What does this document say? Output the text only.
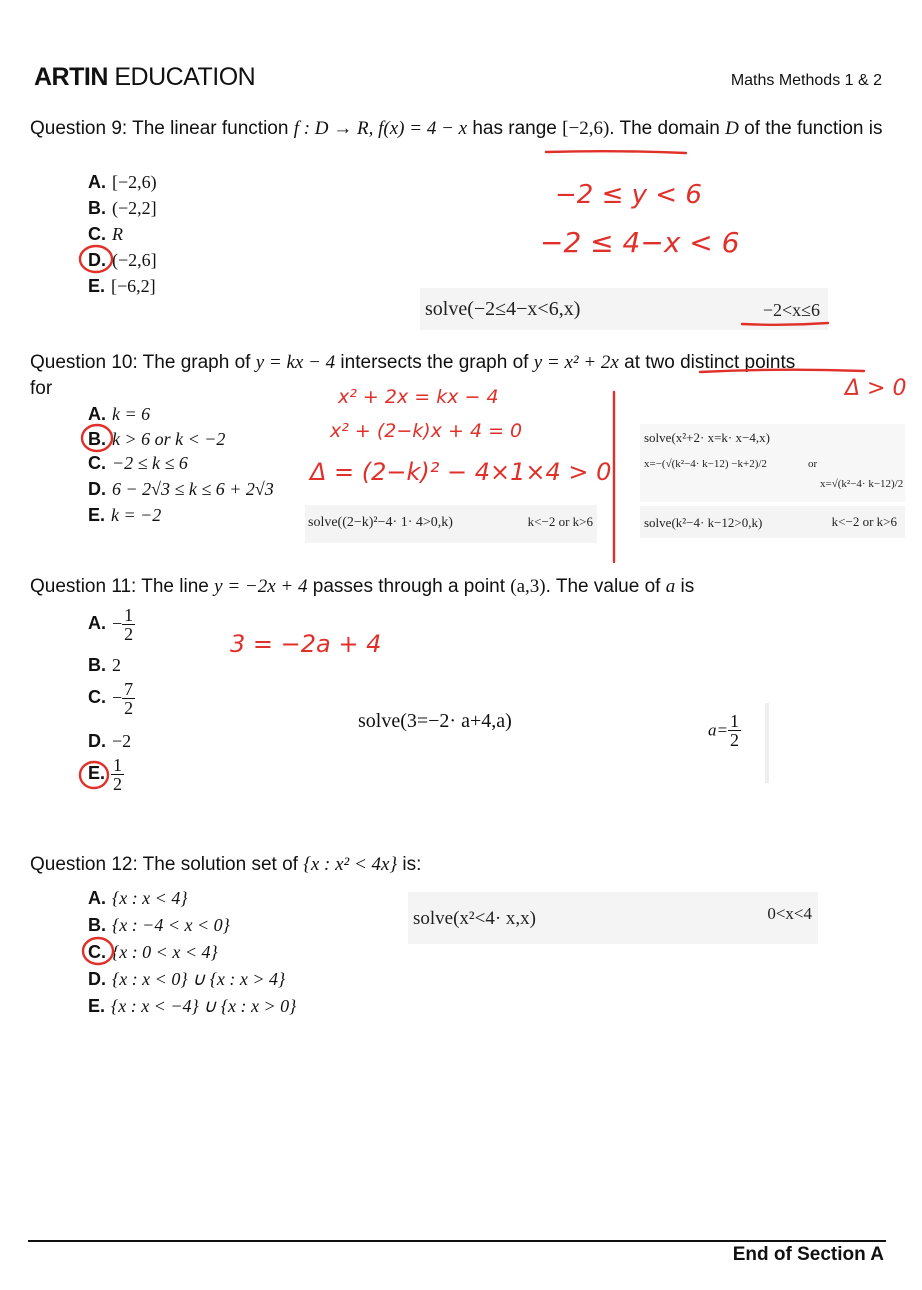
ARTIN EDUCATION	Maths Methods 1 & 2
Question 9: The linear function f : D → R, f(x) = 4 − x has range [−2,6). The domain D of the function is
A. [−2,6)
B. (−2,2]
C. R
D. (−2,6]
E. [−6,2]
−2 ≤ y < 6
−2 ≤ 4−x < 6
solve(−2≤4−x<6,x)	−2<x≤6
Question 10: The graph of y = kx − 4 intersects the graph of y = x² + 2x at two distinct points
for
A. k = 6
B. k > 6 or k < −2
C. −2 ≤ k ≤ 6
D. 6 − 2√3 ≤ k ≤ 6 + 2√3
E. k = −2
x² + 2x = kx − 4
x² + (2−k)x + 4 = 0
Δ = (2−k)² − 4×1×4 > 0
Δ > 0
solve((2−k)²−4· 1· 4>0,k)	k<−2 or k>6
solve(x²+2· x=k· x−4,x)
x=−(√(k²−4· k−12) −k+2)/2	or
x=√(k²−4· k−12)/2
solve(k²−4· k−12>0,k)	k<−2 or k>6
Question 11: The line y = −2x + 4 passes through a point (a,3). The value of a is
A. − $\frac{1}{2}$
B. 2
C. − $\frac{7}{2}$
D. −2
E. $\frac{1}{2}$
3 = −2a + 4
solve(3=−2· a+4,a)	$a= \frac{1}{2}$
Question 12: The solution set of {x : x² < 4x} is:
A. {x : x < 4}
B. {x : −4 < x < 0}
C. {x : 0 < x < 4}
D. {x : x < 0} ∪ {x : x > 4}
E. {x : x < −4} ∪ {x : x > 0}
solve(x²<4· x,x)	0<x<4
End of Section A
